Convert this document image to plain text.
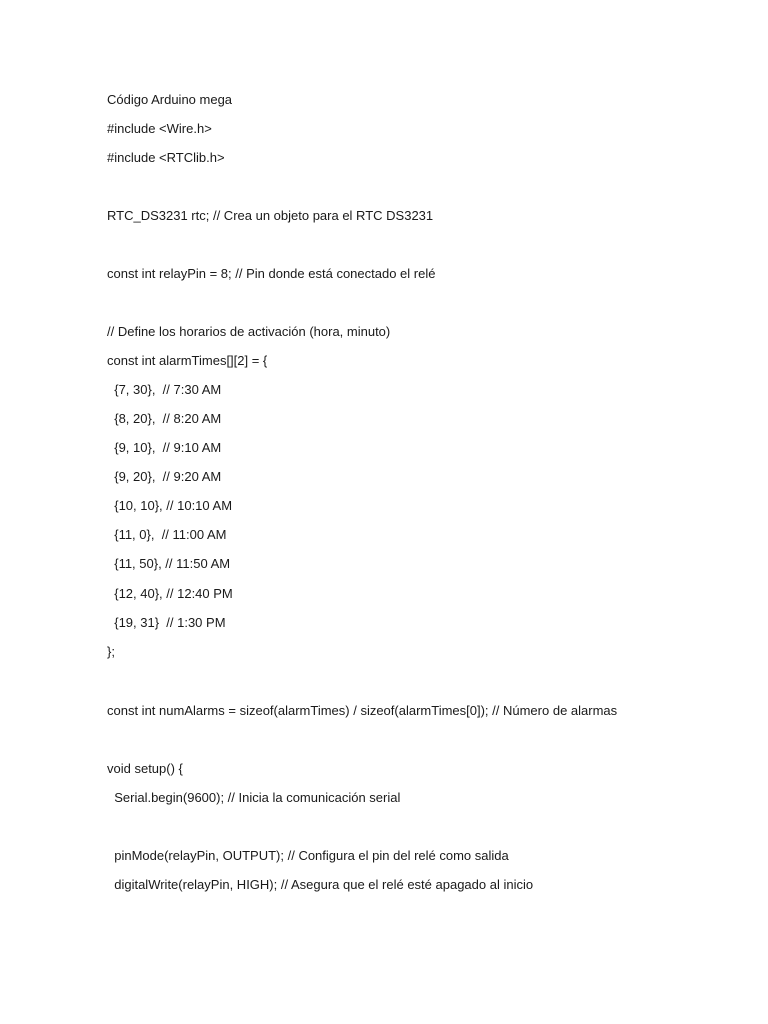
Código Arduino mega

#include <Wire.h>

#include <RTClib.h>

RTC_DS3231 rtc; // Crea un objeto para el RTC DS3231

const int relayPin = 8; // Pin donde está conectado el relé

// Define los horarios de activación (hora, minuto)

const int alarmTimes[][2] = {

{7, 30},  // 7:30 AM

{8, 20},  // 8:20 AM

{9, 10},  // 9:10 AM

{9, 20},  // 9:20 AM

{10, 10}, // 10:10 AM

{11, 0},  // 11:00 AM

{11, 50}, // 11:50 AM

{12, 40}, // 12:40 PM

{19, 31}  // 1:30 PM

};

const int numAlarms = sizeof(alarmTimes) / sizeof(alarmTimes[0]); // Número de alarmas

void setup() {

Serial.begin(9600); // Inicia la comunicación serial

pinMode(relayPin, OUTPUT); // Configura el pin del relé como salida

digitalWrite(relayPin, HIGH); // Asegura que el relé esté apagado al inicio
